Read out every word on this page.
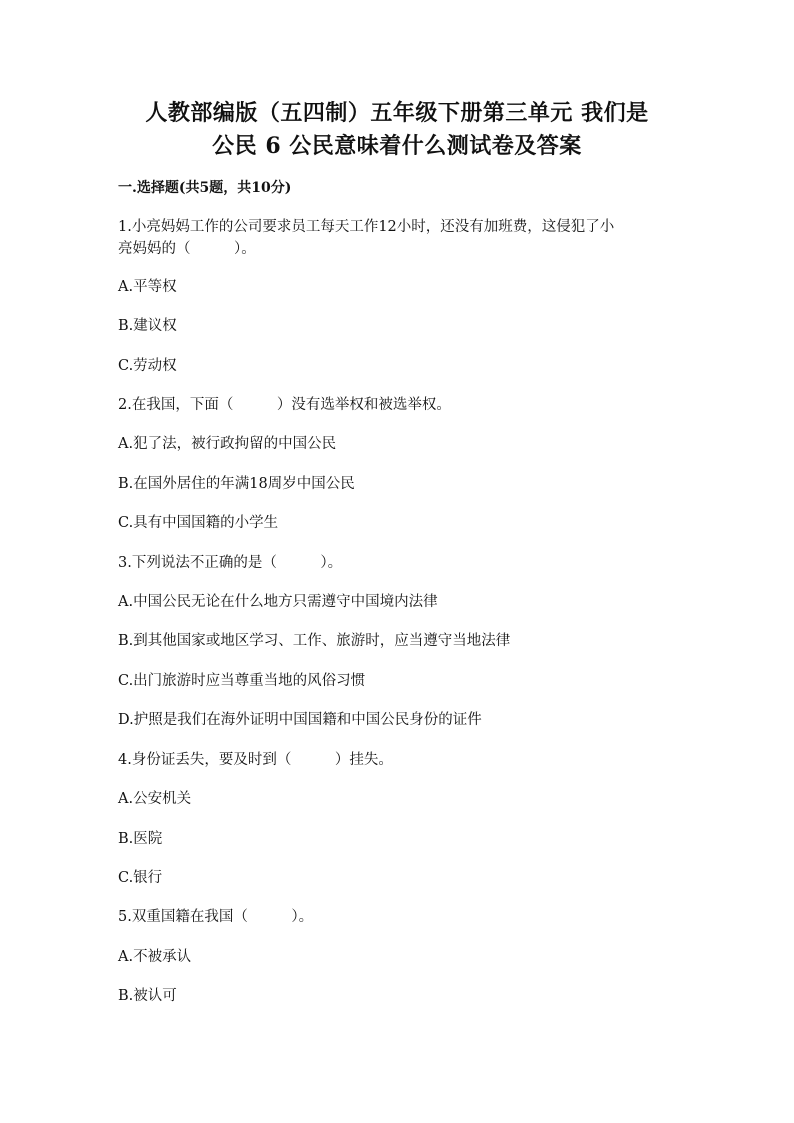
人教部编版（五四制）五年级下册第三单元 我们是
公民 6 公民意味着什么测试卷及答案
一.选择题(共5题，共10分)
1.小亮妈妈工作的公司要求员工每天工作12小时，还没有加班费，这侵犯了小
亮妈妈的（　　　）。
A.平等权
B.建议权
C.劳动权
2.在我国，下面（　　　）没有选举权和被选举权。
A.犯了法，被行政拘留的中国公民
B.在国外居住的年满18周岁中国公民
C.具有中国国籍的小学生
3.下列说法不正确的是（　　　）。
A.中国公民无论在什么地方只需遵守中国境内法律
B.到其他国家或地区学习、工作、旅游时，应当遵守当地法律
C.出门旅游时应当尊重当地的风俗习惯
D.护照是我们在海外证明中国国籍和中国公民身份的证件
4.身份证丢失，要及时到（　　　）挂失。
A.公安机关
B.医院
C.银行
5.双重国籍在我国（　　　）。
A.不被承认
B.被认可
